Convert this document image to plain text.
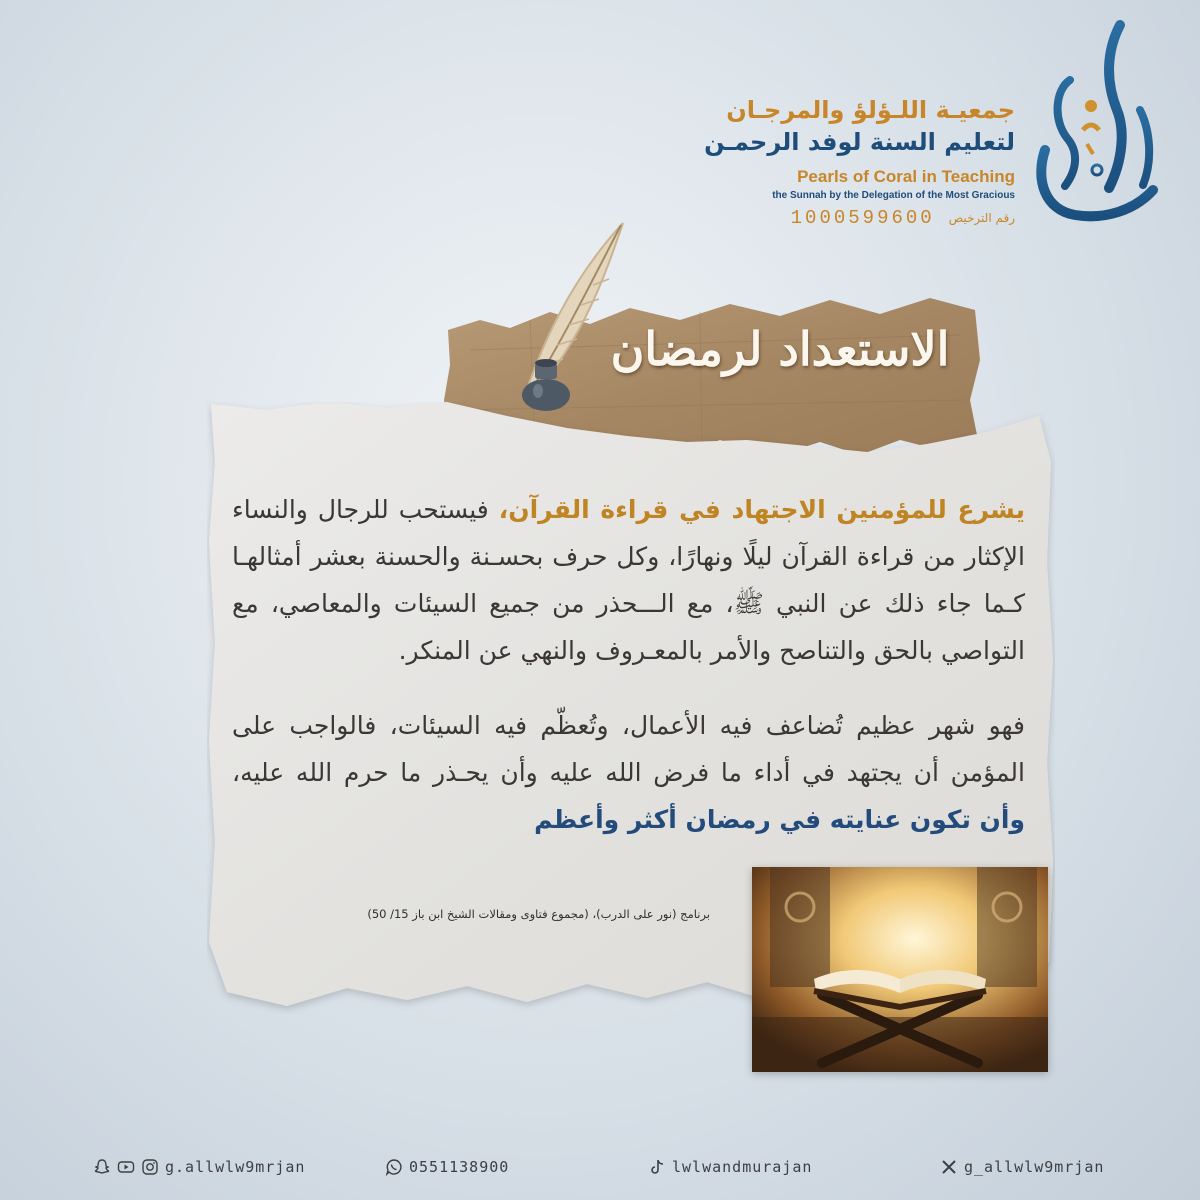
جمعيـة اللـؤلؤ والمرجـان
لتعليم السنة لوفد الرحمـن
Pearls of Coral in Teaching
the Sunnah by the Delegation of the Most Gracious
رقم الترخيص
1000599600
الاستعداد لرمضان

يشرع للمؤمنين الاجتهاد في قراءة القرآن، فيستحب للرجال والنساء الإكثار من قراءة القرآن ليلًا ونهارًا، وكل حرف بحسـنة والحسنة بعشر أمثالهـا كـما جاء ذلك عن النبي ﷺ، مع الـــحذر من جميع السيئات والمعاصي، مع التواصي بالحق والتناصح والأمر بالمعـروف والنهي عن المنكر.

فهو شهر عظيم تُضاعف فيه الأعمال، وتُعظّم فيه السيئات، فالواجب على المؤمن أن يجتهد في أداء ما فرض الله عليه وأن يحـذر ما حرم الله عليه، وأن تكون عنايته في رمضان أكثر وأعظم

برنامج (نور على الدرب)، (مجموع فتاوى ومقالات الشيخ ابن باز 15/ 50)
g.allwlw9mrjan	0551138900	lwlwandmurajan	g_allwlw9mrjan
